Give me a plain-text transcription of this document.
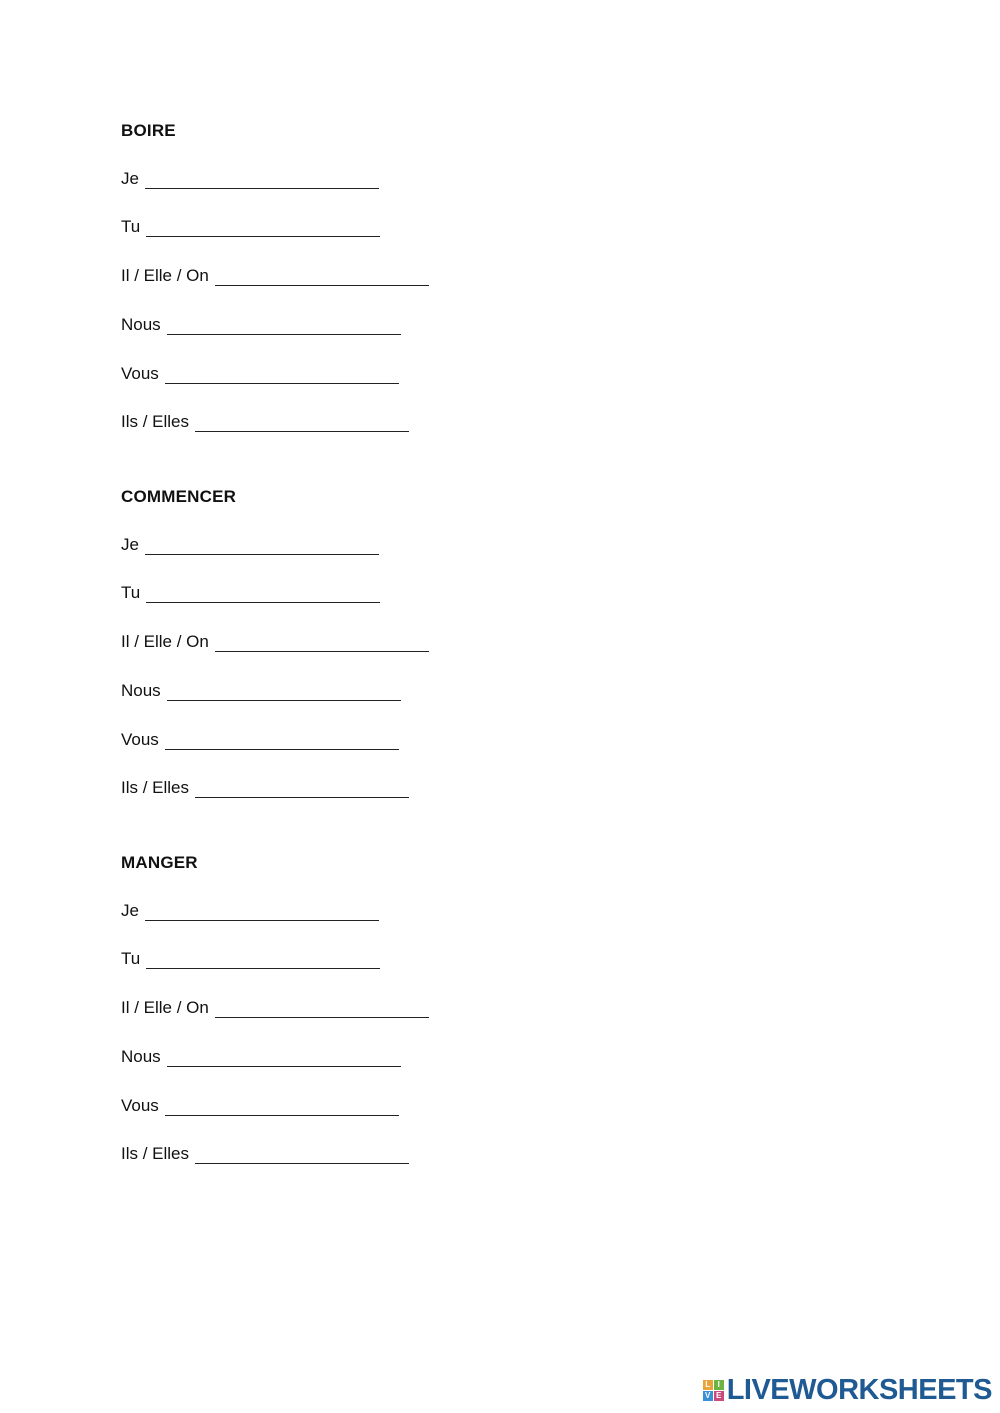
BOIRE
Je
Tu
Il / Elle / On
Nous
Vous
Ils / Elles
COMMENCER
Je
Tu
Il / Elle / On
Nous
Vous
Ils / Elles
MANGER
Je
Tu
Il / Elle / On
Nous
Vous
Ils / Elles
L I
V E LIVEWORKSHEETS
